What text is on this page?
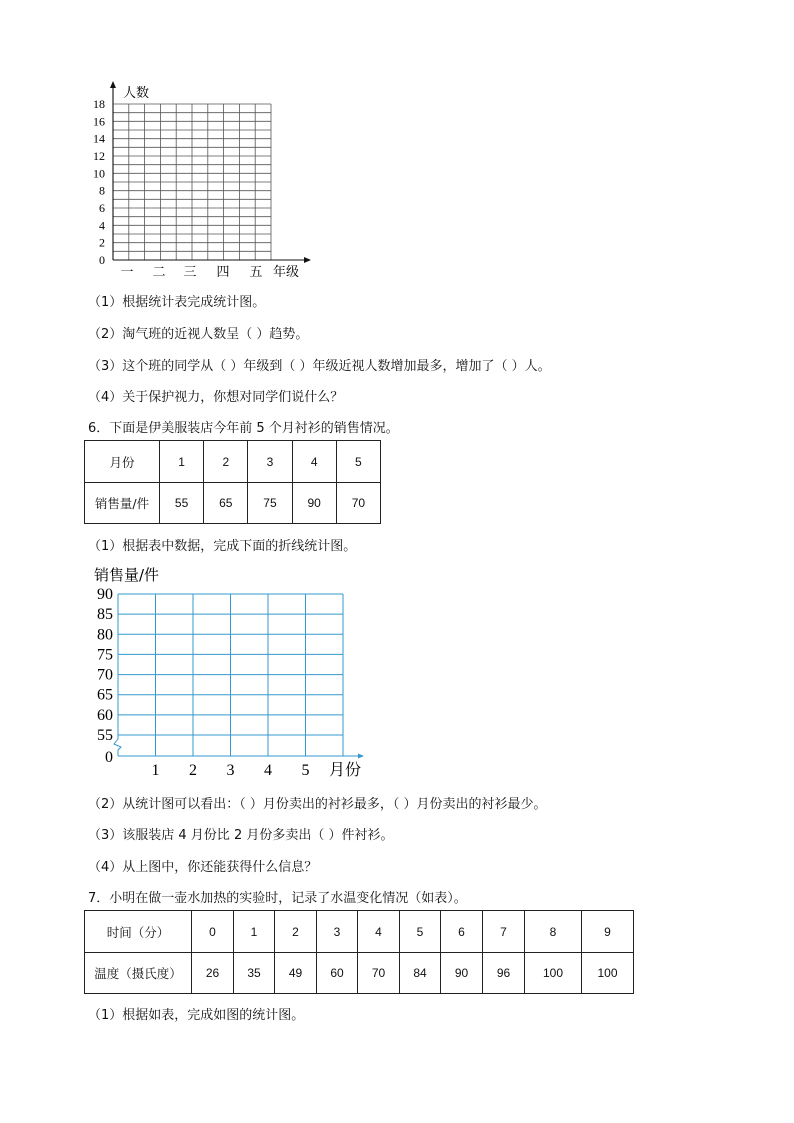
0
2
4
6
8
10
12
14
16
18
一 二 三 四 五
人数
年级
（1）根据统计表完成统计图。
（2）淘气班的近视人数呈（ ）趋势。
（3）这个班的同学从（ ）年级到（ ）年级近视人数增加最多，增加了（ ）人。
（4）关于保护视力，你想对同学们说什么？
6．下面是伊美服装店今年前 5 个月衬衫的销售情况。
月份	1	2	3	4	5
销售量/件	55	65	75	90	70
（1）根据表中数据，完成下面的折线统计图。
销售量/件
0
55
60
65
70
75
80
85
90
1 2 3 4 5 月份
（2）从统计图可以看出：（ ）月份卖出的衬衫最多，（ ）月份卖出的衬衫最少。
（3）该服装店 4 月份比 2 月份多卖出（ ）件衬衫。
（4）从上图中，你还能获得什么信息？
7．小明在做一壶水加热的实验时，记录了水温变化情况（如表）。
时间（分）	0	1	2	3	4	5	6	7	8	9
温度（摄氏度）	26	35	49	60	70	84	90	96	100	100
（1）根据如表，完成如图的统计图。
